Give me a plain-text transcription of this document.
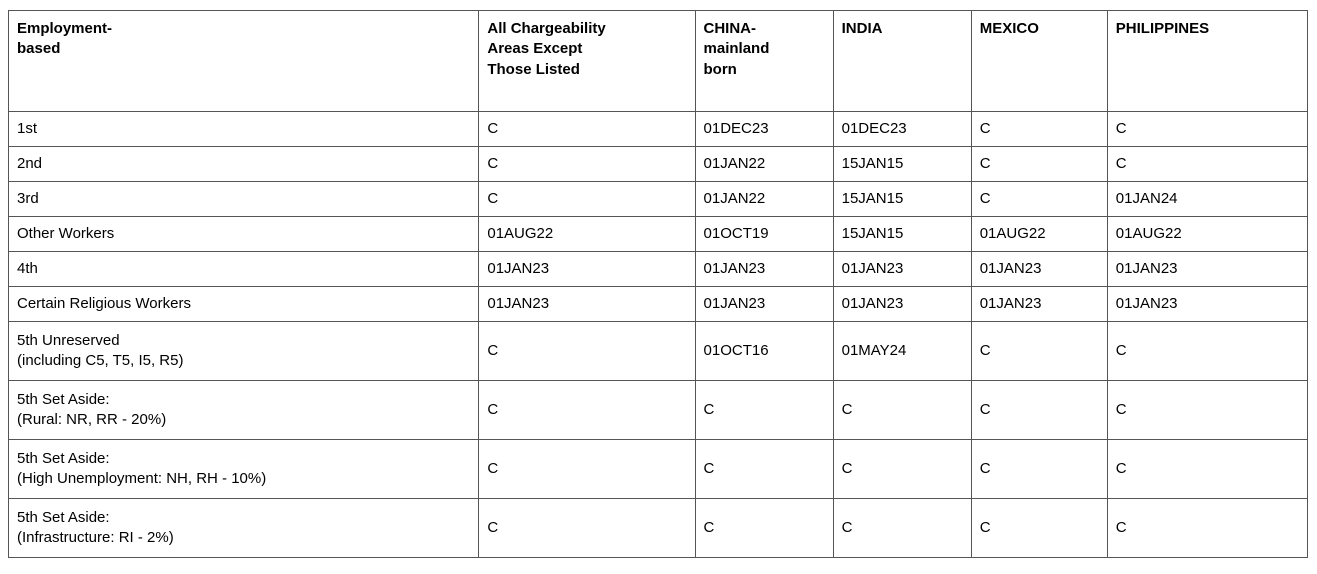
Employment-
based	All Chargeability
Areas Except
Those Listed	CHINA-
mainland
born	INDIA	MEXICO	PHILIPPINES

1st	C	01DEC23	01DEC23	C	C

2nd	C	01JAN22	15JAN15	C	C

3rd	C	01JAN22	15JAN15	C	01JAN24

Other Workers	01AUG22	01OCT19	15JAN15	01AUG22	01AUG22

4th	01JAN23	01JAN23	01JAN23	01JAN23	01JAN23

Certain Religious Workers	01JAN23	01JAN23	01JAN23	01JAN23	01JAN23

5th Unreserved
(including C5, T5, I5, R5)	C	01OCT16	01MAY24	C	C

5th Set Aside:
(Rural: NR, RR - 20%)	C	C	C	C	C

5th Set Aside:
(High Unemployment: NH, RH - 10%)	C	C	C	C	C

5th Set Aside:
(Infrastructure: RI - 2%)	C	C	C	C	C
